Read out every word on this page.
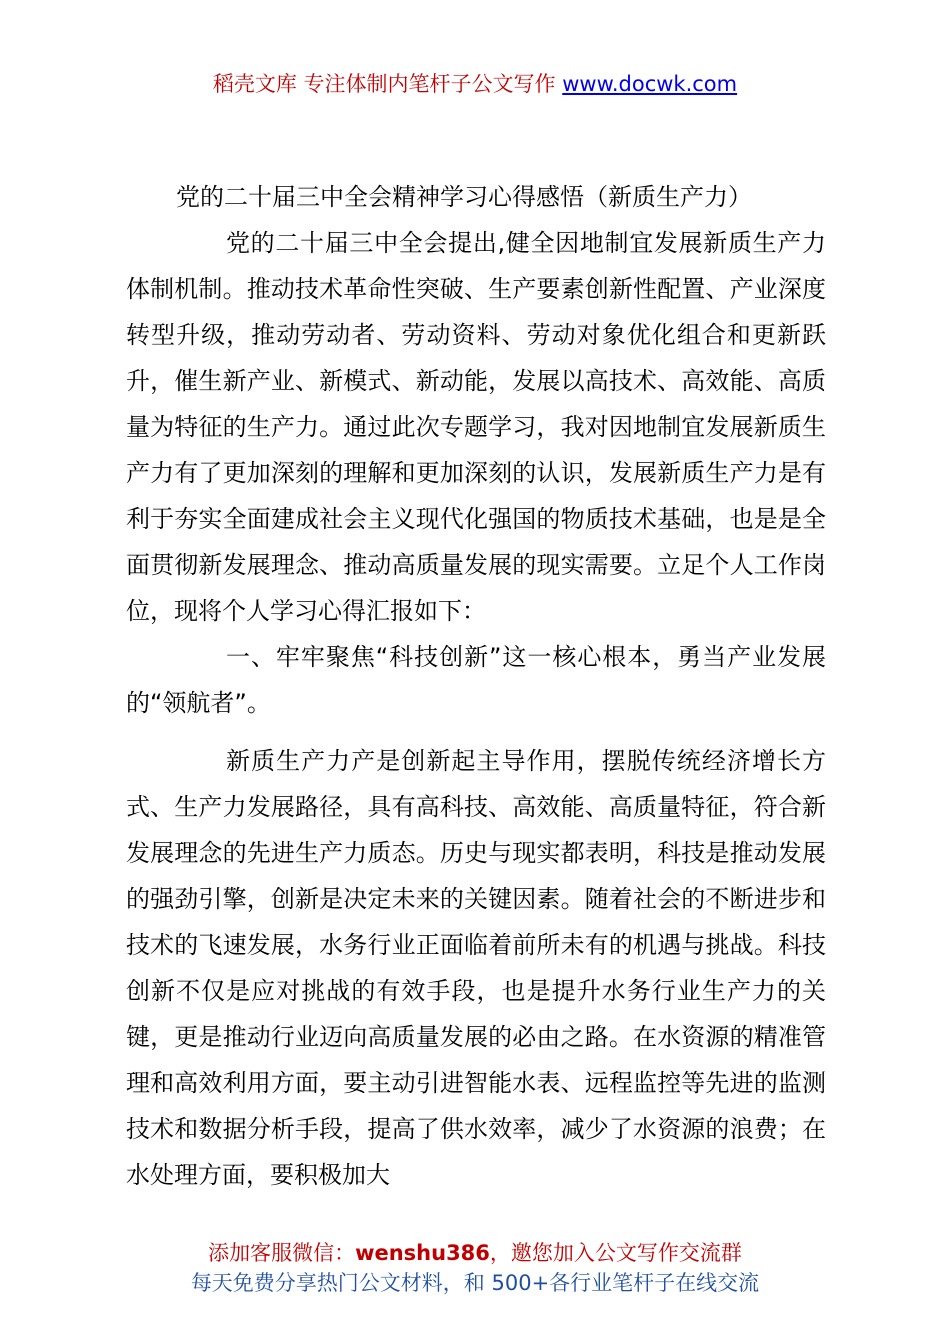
稻壳文库 专注体制内笔杆子公文写作 www.docwk.com
党的二十届三中全会精神学习心得感悟（新质生产力）

党的二十届三中全会提出,健全因地制宜发展新质生产力体制机制。推动技术革命性突破、生产要素创新性配置、产业深度转型升级，推动劳动者、劳动资料、劳动对象优化组合和更新跃升，催生新产业、新模式、新动能，发展以高技术、高效能、高质量为特征的生产力。通过此次专题学习，我对因地制宜发展新质生产力有了更加深刻的理解和更加深刻的认识，发展新质生产力是有利于夯实全面建成社会主义现代化强国的物质技术基础，也是是全面贯彻新发展理念、推动高质量发展的现实需要。立足个人工作岗位，现将个人学习心得汇报如下：

一、牢牢聚焦“科技创新”这一核心根本，勇当产业发展的“领航者”。

新质生产力产是创新起主导作用，摆脱传统经济增长方式、生产力发展路径，具有高科技、高效能、高质量特征，符合新发展理念的先进生产力质态。历史与现实都表明，科技是推动发展的强劲引擎，创新是决定未来的关键因素。随着社会的不断进步和技术的飞速发展，水务行业正面临着前所未有的机遇与挑战。科技创新不仅是应对挑战的有效手段，也是提升水务行业生产力的关键，更是推动行业迈向高质量发展的必由之路。在水资源的精准管理和高效利用方面，要主动引进智能水表、远程监控等先进的监测技术和数据分析手段，提高了供水效率，减少了水资源的浪费；在水处理方面，要积极加大

添加客服微信：wenshu386，邀您加入公文写作交流群
每天免费分享热门公文材料，和 500+各行业笔杆子在线交流
